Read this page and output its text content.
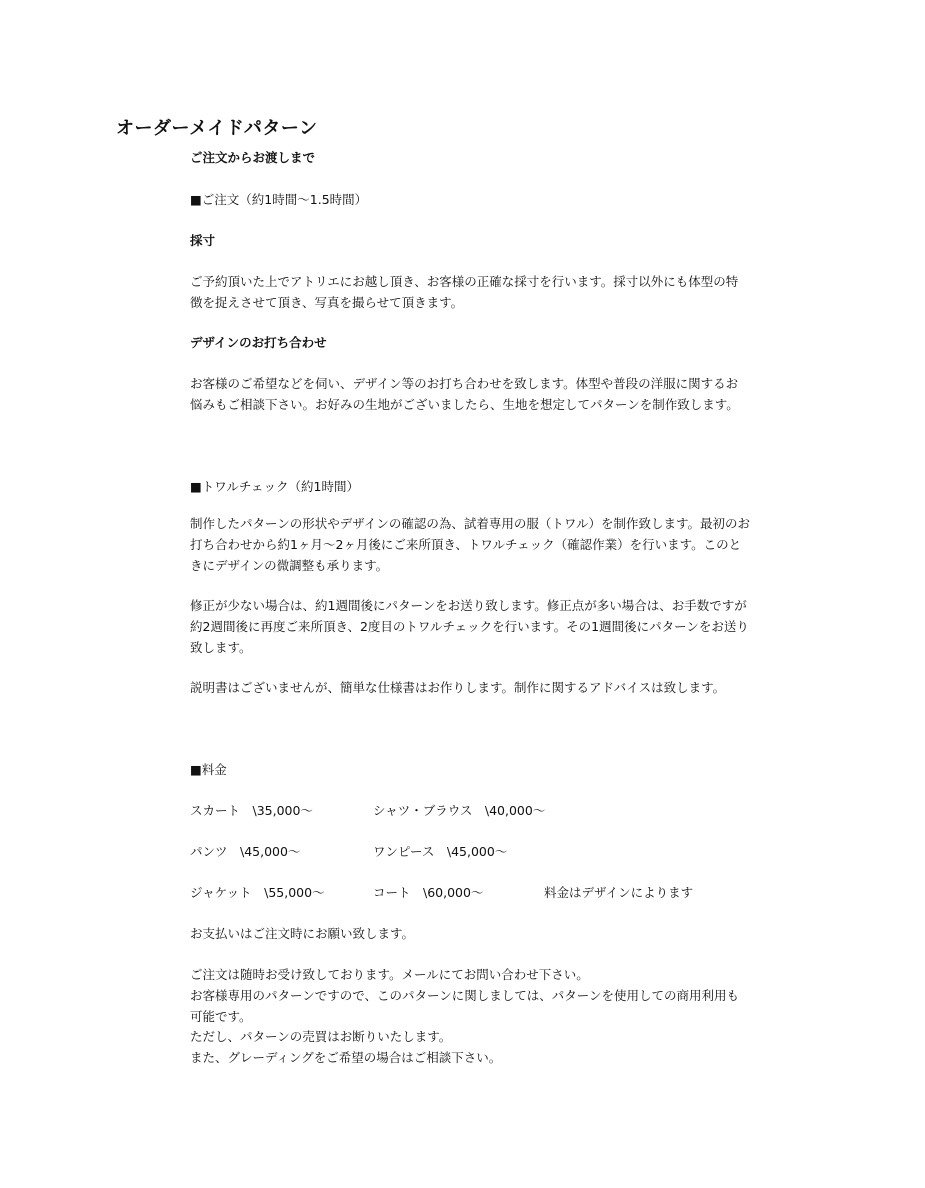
オーダーメイドパターン

ご注文からお渡しまで

■ご注文（約1時間〜1.5時間）

採寸

ご予約頂いた上でアトリエにお越し頂き、お客様の正確な採寸を行います。採寸以外にも体型の特徴を捉えさせて頂き、写真を撮らせて頂きます。

デザインのお打ち合わせ

お客様のご希望などを伺い、デザイン等のお打ち合わせを致します。体型や普段の洋服に関するお悩みもご相談下さい。お好みの生地がございましたら、生地を想定してパターンを制作致します。

■トワルチェック（約1時間）

制作したパターンの形状やデザインの確認の為、試着専用の服（トワル）を制作致します。最初のお打ち合わせから約1ヶ月〜2ヶ月後にご来所頂き、トワルチェック（確認作業）を行います。このときにデザインの微調整も承ります。

修正が少ない場合は、約1週間後にパターンをお送り致します。修正点が多い場合は、お手数ですが約2週間後に再度ご来所頂き、2度目のトワルチェックを行います。その1週間後にパターンをお送り致します。

説明書はございませんが、簡単な仕様書はお作りします。制作に関するアドバイスは致します。

■料金

スカート　\35,000〜	シャツ・ブラウス　\40,000〜
パンツ　\45,000〜	ワンピース　\45,000〜
ジャケット　\55,000〜	コート　\60,000〜	料金はデザインによります

お支払いはご注文時にお願い致します。

ご注文は随時お受け致しております。メールにてお問い合わせ下さい。

お客様専用のパターンですので、このパターンに関しましては、パターンを使用しての商用利用も可能です。

ただし、パターンの売買はお断りいたします。

また、グレーディングをご希望の場合はご相談下さい。
